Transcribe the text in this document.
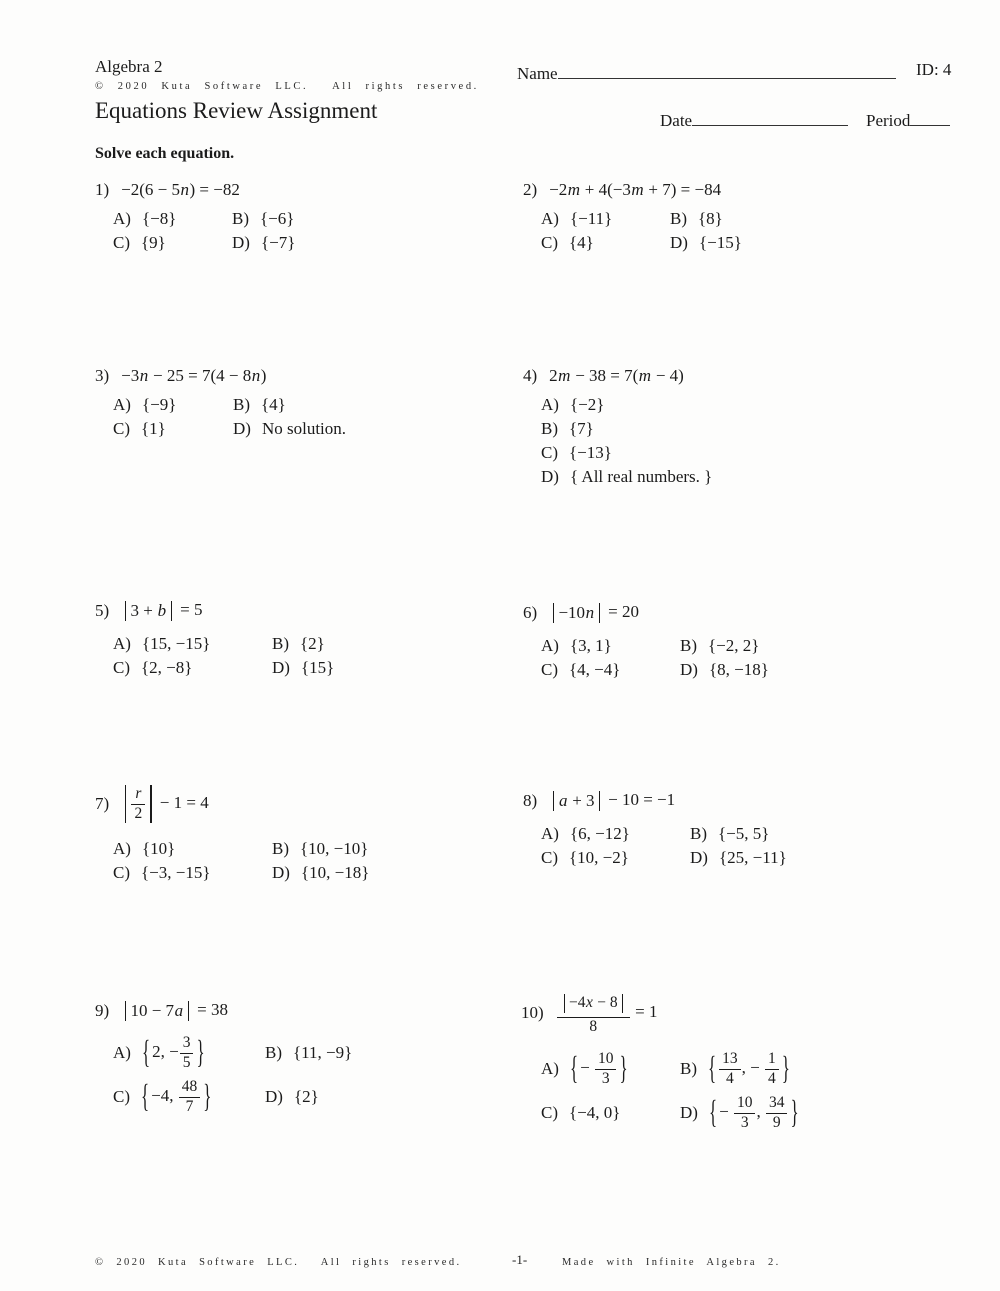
Algebra 2
© 2020 Kuta Software LLC.  All rights reserved.
Equations Review Assignment
Name	ID: 4
Date	Period
Solve each equation.
1) −2(6 − 5n) = −82
A) {−8}	B) {−6}
C) {9}	D) {−7}
2) −2m + 4(−3m + 7) = −84
A) {−11}	B) {8}
C) {4}	D) {−15}
3) −3n − 25 = 7(4 − 8n)
A) {−9}	B) {4}
C) {1}	D) No solution.
4) 2m − 38 = 7(m − 4)
A) {−2}
B) {7}
C) {−13}
D) { All real numbers. }
5) 3 + b = 5
A) {15, −15}	B) {2}
C) {2, −8}	D) {15}
6) −10n = 20
A) {3, 1}	B) {−2, 2}
C) {4, −4}	D) {8, −18}
$7) \frac{r}{2} - 1 = 4$
A) {10}	B) {10, −10}
C) {−3, −15}	D) {10, −18}
8) a + 3 − 10 = −1
A) {6, −12}	B) {−5, 5}
C) {10, −2}	D) {25, −11}
9) 10 − 7a = 38
A) { 2, − $\frac{3}{5}$ }	B) {11, −9}
C) { −4, $\frac{48}{7}$ }	D) {2}
$10) \frac{-4x - 8}{8} = 1$
A) { − $\frac{10}{3}$ }	B) { $\frac{13}{4}$ , − $\frac{1}{4}$ }
C) {−4, 0}	D) { − $\frac{10}{3}$ , $\frac{34}{9}$ }
© 2020 Kuta Software LLC.  All rights reserved.	-1-	Made with Infinite Algebra 2.
